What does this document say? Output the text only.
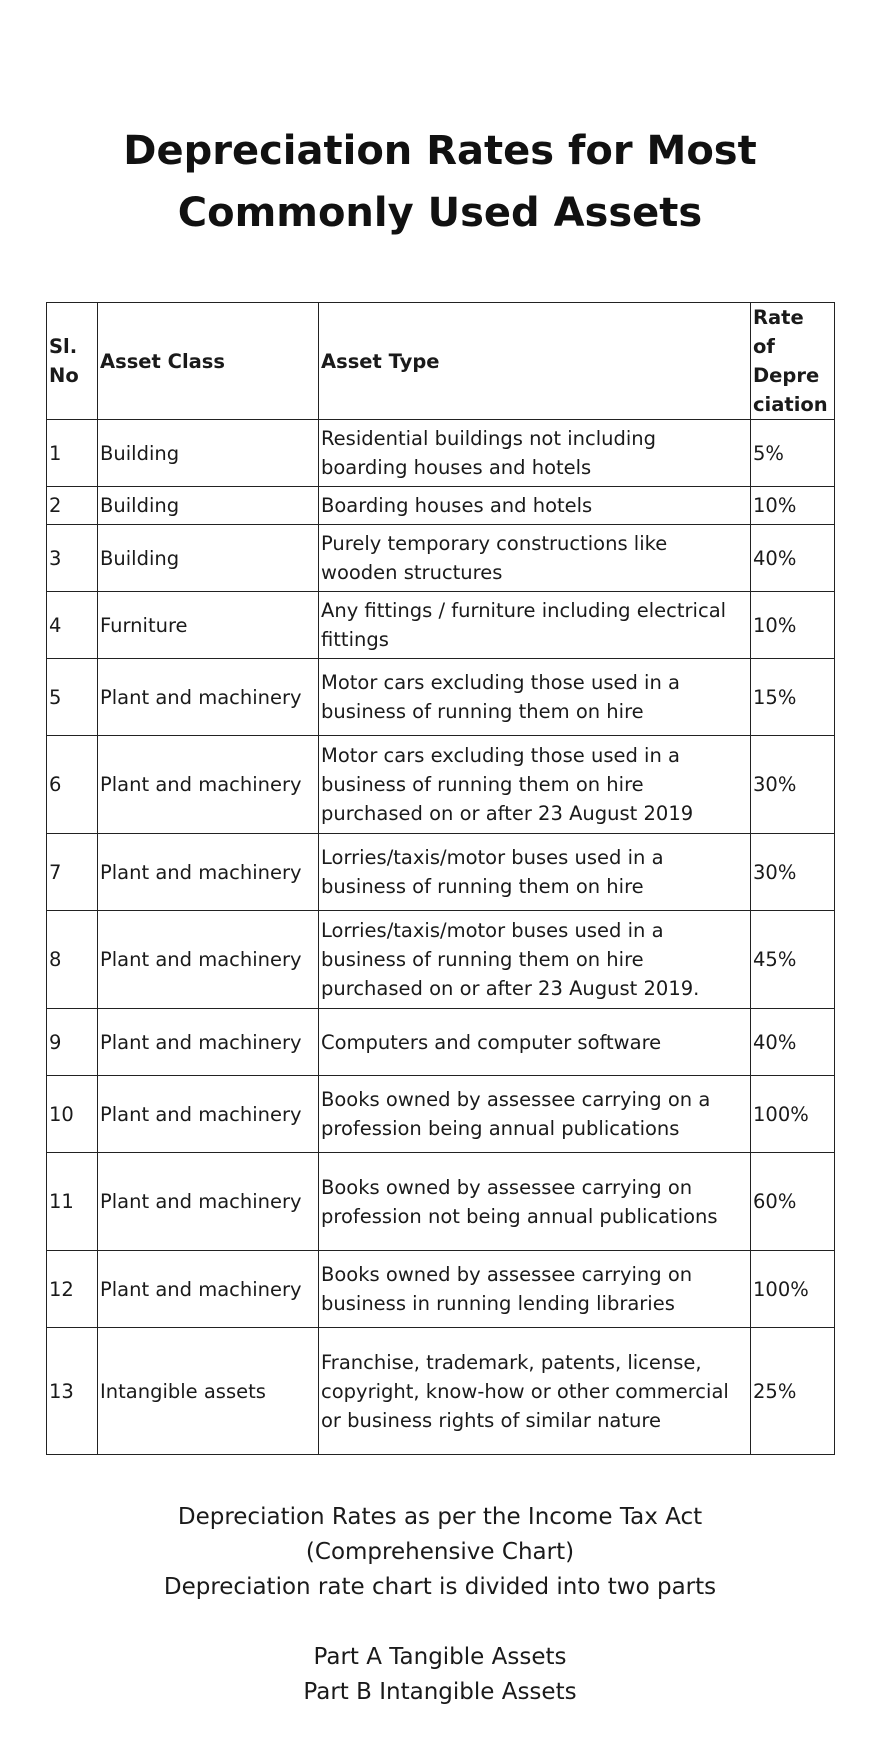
Depreciation Rates for Most
Commonly Used Assets
Sl. No	Asset Class	Asset Type	Rate of Depre ciation
1	Building	Residential buildings not including boarding houses and hotels	5%
2	Building	Boarding houses and hotels	10%
3	Building	Purely temporary constructions like wooden structures	40%
4	Furniture	Any fittings / furniture including electrical fittings	10%
5	Plant and machinery	Motor cars excluding those used in a business of running them on hire	15%
6	Plant and machinery	Motor cars excluding those used in a business of running them on hire purchased on or after 23 August 2019	30%
7	Plant and machinery	Lorries/taxis/motor buses used in a business of running them on hire	30%
8	Plant and machinery	Lorries/taxis/motor buses used in a business of running them on hire purchased on or after 23 August 2019.	45%
9	Plant and machinery	Computers and computer software	40%
10	Plant and machinery	Books owned by assessee carrying on a profession being annual publications	100%
11	Plant and machinery	Books owned by assessee carrying on profession not being annual publications	60%
12	Plant and machinery	Books owned by assessee carrying on business in running lending libraries	100%
13	Intangible assets	Franchise, trademark, patents, license, copyright, know-how or other commercial or business rights of similar nature	25%
Depreciation Rates as per the Income Tax Act
(Comprehensive Chart)
Depreciation rate chart is divided into two parts
Part A Tangible Assets
Part B Intangible Assets
